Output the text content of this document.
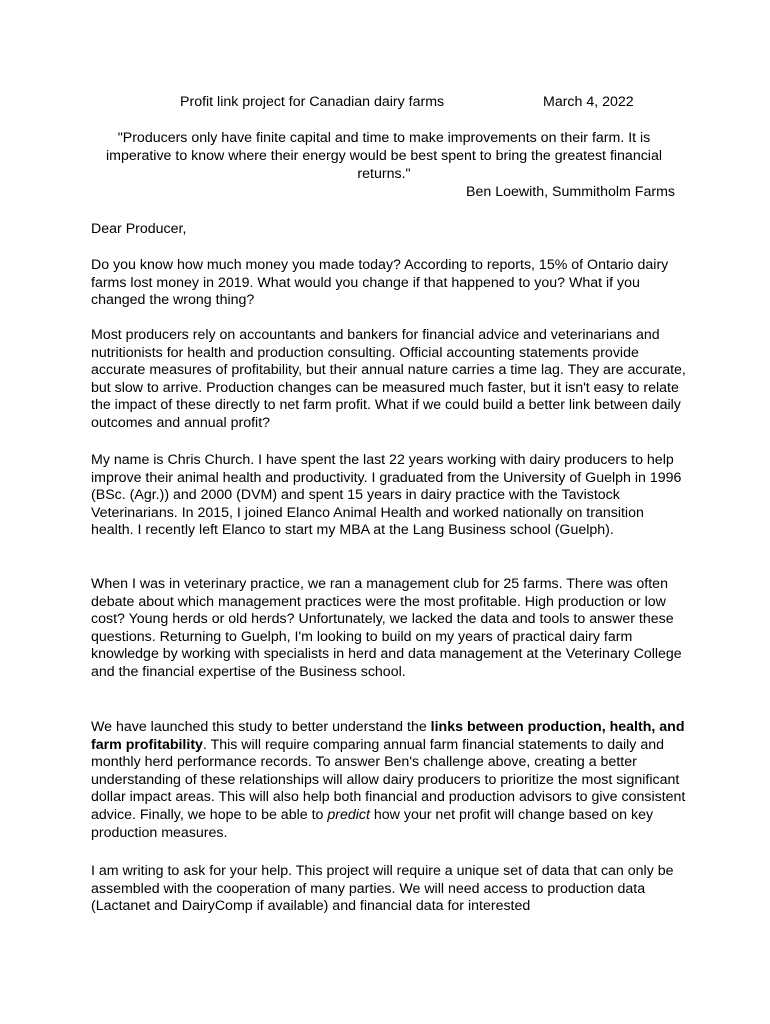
Profit link project for Canadian dairy farms	March 4, 2022
"Producers only have finite capital and time to make improvements on their farm. It is imperative to know where their energy would be best spent to bring the greatest financial returns."
Ben Loewith, Summitholm Farms
Dear Producer,

Do you know how much money you made today? According to reports, 15% of Ontario dairy farms lost money in 2019. What would you change if that happened to you? What if you changed the wrong thing?

Most producers rely on accountants and bankers for financial advice and veterinarians and nutritionists for health and production consulting. Official accounting statements provide accurate measures of profitability, but their annual nature carries a time lag. They are accurate, but slow to arrive. Production changes can be measured much faster, but it isn't easy to relate the impact of these directly to net farm profit. What if we could build a better link between daily outcomes and annual profit?

My name is Chris Church. I have spent the last 22 years working with dairy producers to help improve their animal health and productivity. I graduated from the University of Guelph in 1996 (BSc. (Agr.)) and 2000 (DVM) and spent 15 years in dairy practice with the Tavistock Veterinarians. In 2015, I joined Elanco Animal Health and worked nationally on transition health. I recently left Elanco to start my MBA at the Lang Business school (Guelph).

When I was in veterinary practice, we ran a management club for 25 farms. There was often debate about which management practices were the most profitable. High production or low cost? Young herds or old herds? Unfortunately, we lacked the data and tools to answer these questions. Returning to Guelph, I'm looking to build on my years of practical dairy farm knowledge by working with specialists in herd and data management at the Veterinary College and the financial expertise of the Business school.

We have launched this study to better understand the links between production, health, and farm profitability. This will require comparing annual farm financial statements to daily and monthly herd performance records. To answer Ben's challenge above, creating a better understanding of these relationships will allow dairy producers to prioritize the most significant dollar impact areas. This will also help both financial and production advisors to give consistent advice. Finally, we hope to be able to predict how your net profit will change based on key production measures.

I am writing to ask for your help. This project will require a unique set of data that can only be assembled with the cooperation of many parties. We will need access to production data (Lactanet and DairyComp if available) and financial data for interested
